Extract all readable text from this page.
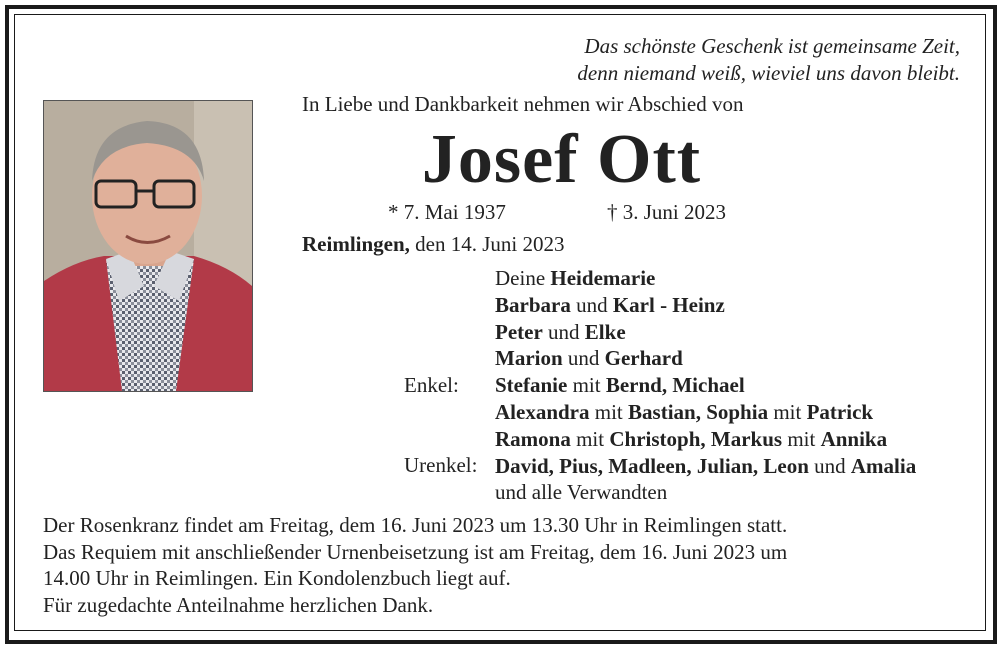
Das schönste Geschenk ist gemeinsame Zeit,
denn niemand weiß, wieviel uns davon bleibt.
In Liebe und Dankbarkeit nehmen wir Abschied von
Josef Ott
* 7. Mai 1937	† 3. Juni 2023
Reimlingen, den 14. Juni 2023
Deine Heidemarie
Barbara und Karl - Heinz
Peter und Elke
Marion und Gerhard
Stefanie mit Bernd, Michael
Alexandra mit Bastian, Sophia mit Patrick
Ramona mit Christoph, Markus mit Annika
David, Pius, Madleen, Julian, Leon und Amalia
und alle Verwandten
Enkel:
Urenkel:
Der Rosenkranz findet am Freitag, dem 16. Juni 2023 um 13.30 Uhr in Reimlingen statt.
Das Requiem mit anschließender Urnenbeisetzung ist am Freitag, dem 16. Juni 2023 um
14.00 Uhr in Reimlingen. Ein Kondolenzbuch liegt auf.
Für zugedachte Anteilnahme herzlichen Dank.
